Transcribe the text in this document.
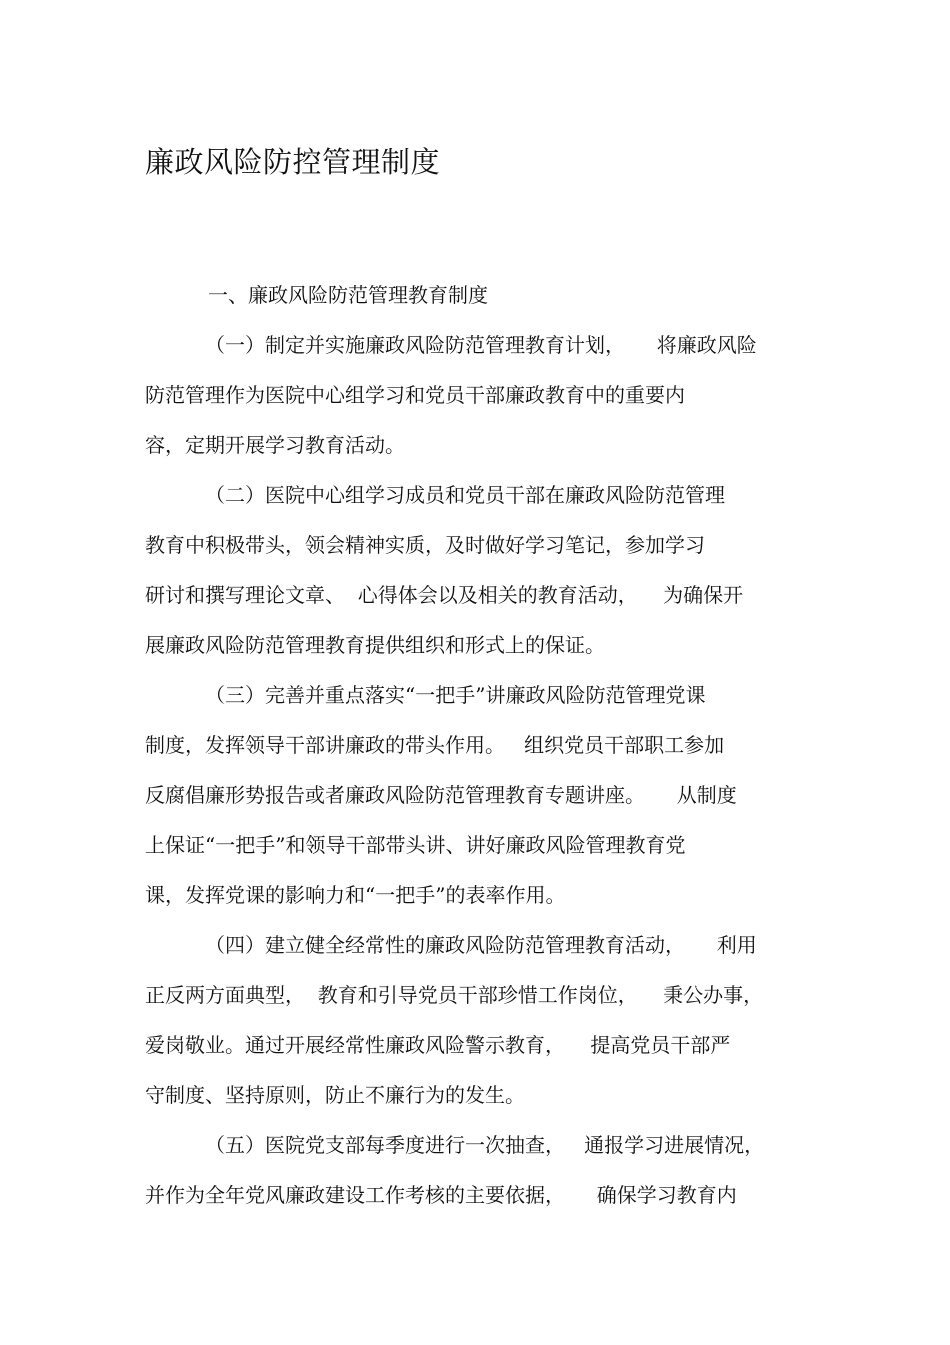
廉政风险防控管理制度

一、廉政风险防范管理教育制度

（一）制定并实施廉政风险防范管理教育计划，     将廉政风险

防范管理作为医院中心组学习和党员干部廉政教育中的重要内

容，定期开展学习教育活动。

（二）医院中心组学习成员和党员干部在廉政风险防范管理

教育中积极带头，领会精神实质，及时做好学习笔记，参加学习

研讨和撰写理论文章、  心得体会以及相关的教育活动，    为确保开

展廉政风险防范管理教育提供组织和形式上的保证。

（三）完善并重点落实“一把手”讲廉政风险防范管理党课

制度，发挥领导干部讲廉政的带头作用。   组织党员干部职工参加

反腐倡廉形势报告或者廉政风险防范管理教育专题讲座。     从制度

上保证“一把手”和领导干部带头讲、讲好廉政风险管理教育党

课，发挥党课的影响力和“一把手”的表率作用。

（四）建立健全经常性的廉政风险防范管理教育活动，     利用

正反两方面典型，  教育和引导党员干部珍惜工作岗位，    秉公办事，

爱岗敬业。通过开展经常性廉政风险警示教育，    提高党员干部严

守制度、坚持原则，防止不廉行为的发生。

（五）医院党支部每季度进行一次抽查，   通报学习进展情况，

并作为全年党风廉政建设工作考核的主要依据，     确保学习教育内
